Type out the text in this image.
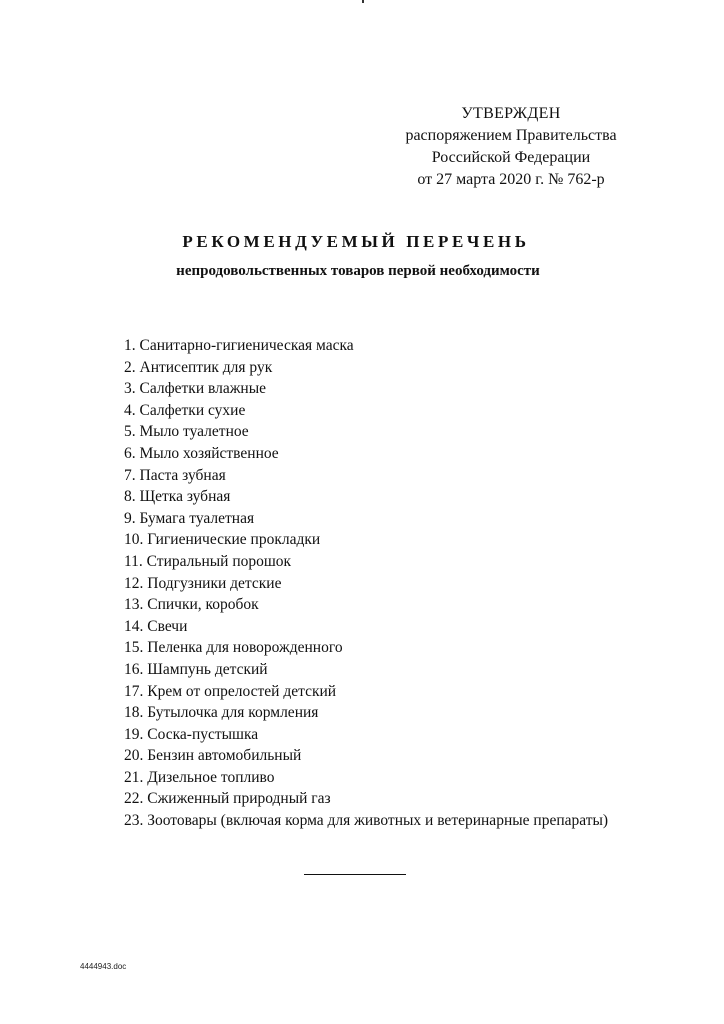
УТВЕРЖДЕН
распоряжением Правительства
Российской Федерации
от 27 марта 2020 г. № 762-р
РЕКОМЕНДУЕМЫЙ ПЕРЕЧЕНЬ
непродовольственных товаров первой необходимости
1. Санитарно-гигиеническая маска
2. Антисептик для рук
3. Салфетки влажные
4. Салфетки сухие
5. Мыло туалетное
6. Мыло хозяйственное
7. Паста зубная
8. Щетка зубная
9. Бумага туалетная
10. Гигиенические прокладки
11. Стиральный порошок
12. Подгузники детские
13. Спички, коробок
14. Свечи
15. Пеленка для новорожденного
16. Шампунь детский
17. Крем от опрелостей детский
18. Бутылочка для кормления
19. Соска-пустышка
20. Бензин автомобильный
21. Дизельное топливо
22. Сжиженный природный газ
23. Зоотовары (включая корма для животных и ветеринарные препараты)
4444943.doc
